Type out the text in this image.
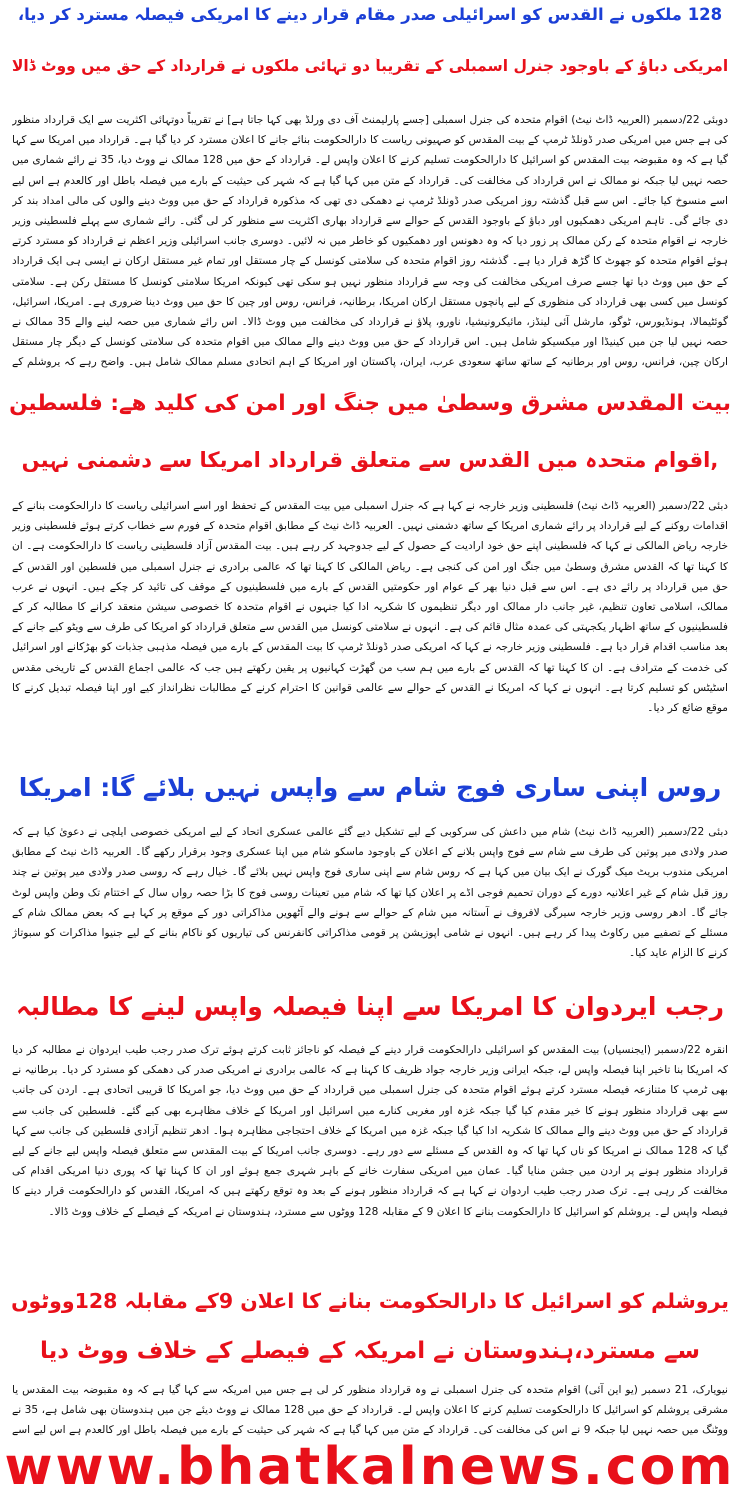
128 ملکوں نے القدس کو اسرائیلی صدر مقام قرار دینے کا امریکی فیصلہ مسترد کر دیا،
امریکی دباؤ کے باوجود جنرل اسمبلی کے تقریباً دو تہائی ملکوں نے قرارداد کے حق میں ووٹ ڈالا
دوبئی 22/دسمبر (العربیہ ڈاٹ نیٹ) اقوام متحدہ کی جنرل اسمبلی [جسے پارلیمنٹ آف دی ورلڈ بھی کہا جاتا ہے] نے تقریباً دوتہائی اکثریت سے ایک قرارداد منظور کی ہے جس میں امریکی صدر ڈونلڈ ٹرمپ کے بیت المقدس کو صہیونی ریاست کا دارالحکومت بنائے جانے کا اعلان مسترد کر دیا گیا ہے۔ قرارداد میں امریکا سے کہا گیا ہے کہ وہ مقبوضہ بیت المقدس کو اسرائیل کا دارالحکومت تسلیم کرنے کا اعلان واپس لے۔ قرارداد کے حق میں 128 ممالک نے ووٹ دیا، 35 نے رائے شماری میں حصہ نہیں لیا جبکہ نو ممالک نے اس قرارداد کی مخالفت کی۔ قرارداد کے متن میں کہا گیا ہے کہ شہر کی حیثیت کے بارے میں فیصلہ باطل اور کالعدم ہے اس لیے اسے منسوخ کیا جائے۔ اس سے قبل گذشتہ روز امریکی صدر ڈونلڈ ٹرمپ نے دھمکی دی تھی کہ مذکورہ قرارداد کے حق میں ووٹ دینے والوں کی مالی امداد بند کر دی جائے گی۔ تاہم امریکی دھمکیوں اور دباؤ کے باوجود القدس کے حوالے سے قرارداد بھاری اکثریت سے منظور کر لی گئی۔ رائے شماری سے پہلے فلسطینی وزیر خارجہ نے اقوام متحدہ کے رکن ممالک پر زور دیا کہ وہ دھونس اور دھمکیوں کو خاطر میں نہ لائیں۔ دوسری جانب اسرائیلی وزیر اعظم نے قرارداد کو مسترد کرتے ہوئے اقوام متحدہ کو جھوٹ کا گڑھ قرار دیا ہے۔ گذشتہ روز اقوام متحدہ کی سلامتی کونسل کے چار مستقل اور تمام غیر مستقل ارکان نے ایسی ہی ایک قرارداد کے حق میں ووٹ دیا تھا جسے صرف امریکی مخالفت کی وجہ سے قرارداد منظور نہیں ہو سکی تھی کیونکہ امریکا سلامتی کونسل کا مستقل رکن ہے۔ سلامتی کونسل میں کسی بھی قرارداد کی منظوری کے لیے پانچوں مستقل ارکان امریکا، برطانیہ، فرانس، روس اور چین کا حق میں ووٹ دینا ضروری ہے۔ امریکا، اسرائیل، گوئٹیمالا، ہونڈیورس، ٹوگو، مارشل آئی لینڈز، مائیکرونیشیا، ناورو، پلاؤ نے قرارداد کی مخالفت میں ووٹ ڈالا۔ اس رائے شماری میں حصہ لینے والے 35 ممالک نے حصہ نہیں لیا جن میں کینیڈا اور میکسیکو شامل ہیں۔ اس قرارداد کے حق میں ووٹ دینے والے ممالک میں اقوام متحدہ کی سلامتی کونسل کے دیگر چار مستقل ارکان چین، فرانس، روس اور برطانیہ کے ساتھ ساتھ سعودی عرب، ایران، پاکستان اور امریکا کے اہم اتحادی مسلم ممالک شامل ہیں۔ واضح رہے کہ یروشلم کے
بیت المقدس مشرق وسطیٰ میں جنگ اور امن کی کلید ھے: فلسطین
,اقوام متحدہ میں القدس سے متعلق قرارداد امریکا سے دشمنی نہیں
دبئی 22/دسمبر (العربیہ ڈاٹ نیٹ) فلسطینی وزیر خارجہ نے کہا ہے کہ جنرل اسمبلی میں بیت المقدس کے تحفظ اور اسے اسرائیلی ریاست کا دارالحکومت بنانے کے اقدامات روکنے کے لیے قرارداد پر رائے شماری امریکا کے ساتھ دشمنی نہیں۔ العربیہ ڈاٹ نیٹ کے مطابق اقوام متحدہ کے فورم سے خطاب کرتے ہوئے فلسطینی وزیر خارجہ ریاض المالکی نے کہا کہ فلسطینی اپنے حق خود ارادیت کے حصول کے لیے جدوجہد کر رہے ہیں۔ بیت المقدس آزاد فلسطینی ریاست کا دارالحکومت ہے۔ ان کا کہنا تھا کہ القدس مشرق وسطیٰ میں جنگ اور امن کی کنجی ہے۔ ریاض المالکی کا کہنا تھا کہ عالمی برادری نے جنرل اسمبلی میں فلسطین اور القدس کے حق میں قرارداد پر رائے دی ہے۔ اس سے قبل دنیا بھر کے عوام اور حکومتیں القدس کے بارے میں فلسطینیوں کے موقف کی تائید کر چکے ہیں۔ انہوں نے عرب ممالک، اسلامی تعاون تنظیم، غیر جانب دار ممالک اور دیگر تنظیموں کا شکریہ ادا کیا جنہوں نے اقوام متحدہ کا خصوصی سیشن منعقد کرانے کا مطالبہ کر کے فلسطینیوں کے ساتھ اظہار یکجہتی کی عمدہ مثال قائم کی ہے۔ انہوں نے سلامتی کونسل میں القدس سے متعلق قرارداد کو امریکا کی طرف سے ویٹو کیے جانے کے بعد مناسب اقدام قرار دیا ہے۔ فلسطینی وزیر خارجہ نے کہا کہ امریکی صدر ڈونلڈ ٹرمپ کا بیت المقدس کے بارے میں فیصلہ مذہبی جذبات کو بھڑکانے اور اسرائیل کی خدمت کے مترادف ہے۔ ان کا کہنا تھا کہ القدس کے بارے میں ہم سب من گھڑت کہانیوں پر یقین رکھتے ہیں جب کہ عالمی اجماع القدس کے تاریخی مقدس اسٹیٹس کو تسلیم کرتا ہے۔ انہوں نے کہا کہ امریکا نے القدس کے حوالے سے عالمی قوانین کا احترام کرنے کے مطالبات نظرانداز کیے اور اپنا فیصلہ تبدیل کرنے کا موقع ضائع کر دیا۔
روس اپنی ساری فوج شام سے واپس نہیں بلائے گا: امریکا
دبئی 22/دسمبر (العربیہ ڈاٹ نیٹ) شام میں داعش کی سرکوبی کے لیے تشکیل دیے گئے عالمی عسکری اتحاد کے لیے امریکی خصوصی ایلچی نے دعویٰ کیا ہے کہ صدر ولادی میر پوتین کی طرف سے شام سے فوج واپس بلانے کے اعلان کے باوجود ماسکو شام میں اپنا عسکری وجود برقرار رکھے گا۔ العربیہ ڈاٹ نیٹ کے مطابق امریکی مندوب بریٹ میک گورک نے ایک بیان میں کہا ہے کہ روس شام سے اپنی ساری فوج واپس نہیں بلائے گا۔ خیال رہے کہ روسی صدر ولادی میر پوتین نے چند روز قبل شام کے غیر اعلانیہ دورے کے دوران تحمیم فوجی اڈے پر اعلان کیا تھا کہ شام میں تعینات روسی فوج کا بڑا حصہ رواں سال کے اختتام تک وطن واپس لوٹ جائے گا۔ ادھر روسی وزیر خارجہ سیرگی لافروف نے آستانہ میں شام کے حوالے سے ہونے والے آٹھویں مذاکراتی دور کے موقع پر کہا ہے کہ بعض ممالک شام کے مسئلے کے تصفیے میں رکاوٹ پیدا کر رہے ہیں۔ انہوں نے شامی اپوزیشن پر قومی مذاکراتی کانفرنس کی تیاریوں کو ناکام بنانے کے لیے جنیوا مذاکرات کو سبوتاژ کرنے کا الزام عاید کیا۔
رجب ایردوان کا امریکا سے اپنا فیصلہ واپس لینے کا مطالبہ
انقرہ 22/دسمبر (ایجنسیاں) بیت المقدس کو اسرائیلی دارالحکومت قرار دینے کے فیصلہ کو ناجائز ثابت کرتے ہوئے ترک صدر رجب طیب ایردوان نے مطالبہ کر دیا کہ امریکا بنا تاخیر اپنا فیصلہ واپس لے، جبکہ ایرانی وزیر خارجہ جواد ظریف کا کہنا ہے کہ عالمی برادری نے امریکی صدر کی دھمکی کو مسترد کر دیا۔ برطانیہ نے بھی ٹرمپ کا متنازعہ فیصلہ مسترد کرتے ہوئے اقوام متحدہ کی جنرل اسمبلی میں قرارداد کے حق میں ووٹ دیا، جو امریکا کا قریبی اتحادی ہے۔ اردن کی جانب سے بھی قرارداد منظور ہونے کا خیر مقدم کیا گیا جبکہ غزہ اور مغربی کنارے میں اسرائیل اور امریکا کے خلاف مظاہرے بھی کیے گئے۔ فلسطین کی جانب سے قرارداد کے حق میں ووٹ دینے والے ممالک کا شکریہ ادا کیا گیا جبکہ غزہ میں امریکا کے خلاف احتجاجی مظاہرہ ہوا۔ ادھر تنظیم آزادی فلسطین کی جانب سے کہا گیا کہ 128 ممالک نے امریکا کو ناں کہا تھا کہ وہ القدس کے مسئلے سے دور رہے۔ دوسری جانب امریکا کے بیت المقدس سے متعلق فیصلہ واپس لیے جانے کے لیے قرارداد منظور ہونے پر اردن میں جشن منایا گیا۔ عمان میں امریکی سفارت خانے کے باہر شہری جمع ہوئے اور ان کا کہنا تھا کہ پوری دنیا امریکی اقدام کی مخالفت کر رہی ہے۔ ترک صدر رجب طیب اردوان نے کہا ہے کہ قرارداد منظور ہونے کے بعد وہ توقع رکھتے ہیں کہ امریکا، القدس کو دارالحکومت قرار دینے کا فیصلہ واپس لے۔ یروشلم کو اسرائیل کا دارالحکومت بنانے کا اعلان 9 کے مقابلہ 128 ووٹوں سے مسترد، ہندوستان نے امریکہ کے فیصلے کے خلاف ووٹ ڈالا۔
یروشلم کو اسرائیل کا دارالحکومت بنانے کا اعلان 9کے مقابلہ 128ووٹوں
سے مسترد،ہندوستان نے امریکہ کے فیصلے کے خلاف ووٹ دیا
نیویارک، 21 دسمبر (یو این آئی) اقوام متحدہ کی جنرل اسمبلی نے وہ قرارداد منظور کر لی ہے جس میں امریکہ سے کہا گیا ہے کہ وہ مقبوضہ بیت المقدس یا مشرقی یروشلم کو اسرائیل کا دارالحکومت تسلیم کرنے کا اعلان واپس لے۔ قرارداد کے حق میں 128 ممالک نے ووٹ دیئے جن میں ہندوستان بھی شامل ہے، 35 نے ووٹنگ میں حصہ نہیں لیا جبکہ 9 نے اس کی مخالفت کی۔ قرارداد کے متن میں کہا گیا ہے کہ شہر کی حیثیت کے بارے میں فیصلہ باطل اور کالعدم ہے اس لیے اسے
www.bhatkalnews.com
